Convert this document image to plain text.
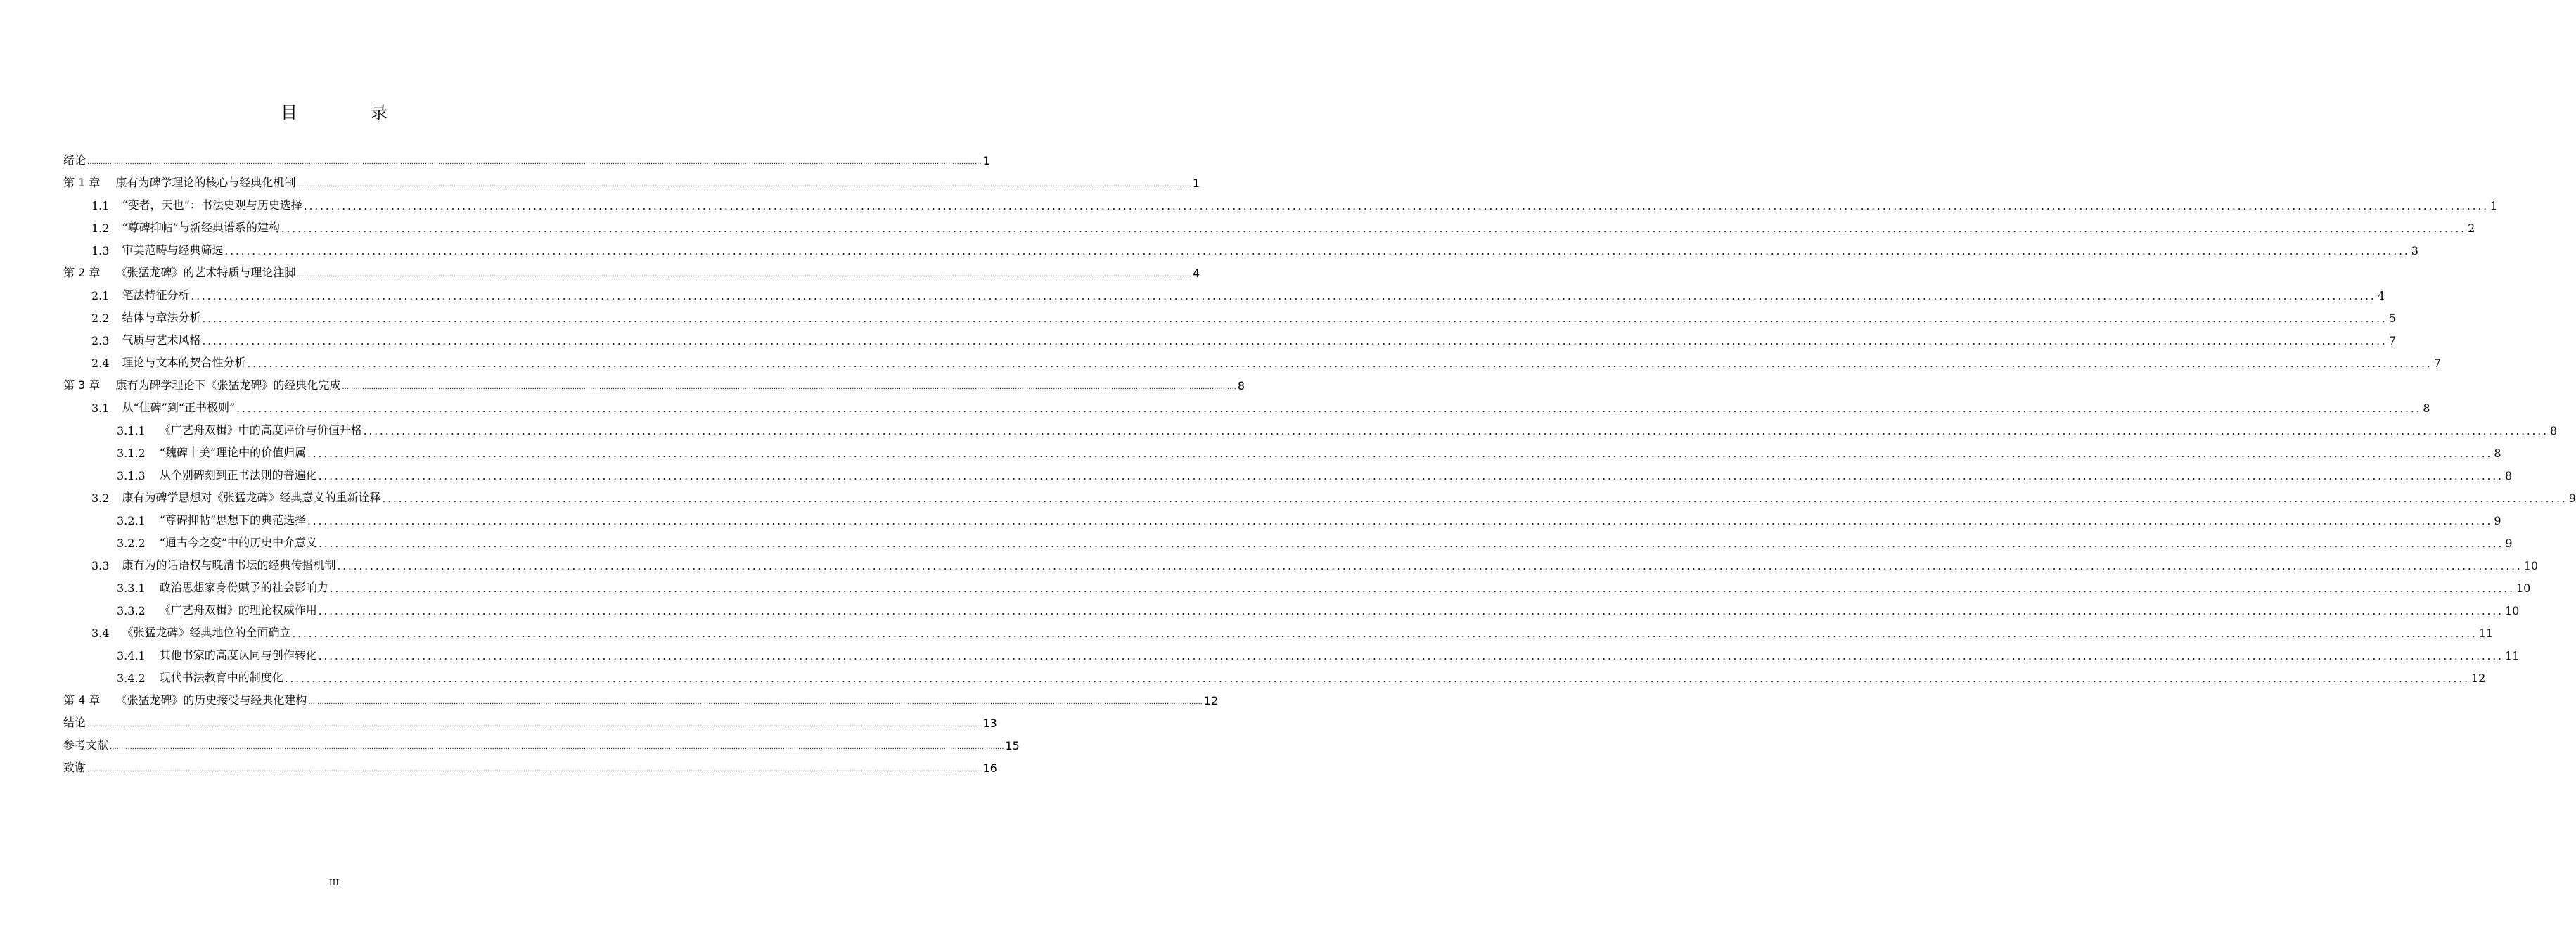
目　录
绪论 ................................................................................................................................................................................................................................................................................................................................................................................................................ 1
第 1 章 康有为碑学理论的核心与经典化机制 ................................................................................................................................................................................................................................................................................................................................................................................................................ 1
1.1 “变者，天也”：书法史观与历史选择 ................................................................................................................................................................................................................................................................................................................................................................................................................ 1
1.2 “尊碑抑帖”与新经典谱系的建构 ................................................................................................................................................................................................................................................................................................................................................................................................................ 2
1.3 审美范畴与经典筛选 ................................................................................................................................................................................................................................................................................................................................................................................................................ 3
第 2 章 《张猛龙碑》的艺术特质与理论注脚 ................................................................................................................................................................................................................................................................................................................................................................................................................ 4
2.1 笔法特征分析 ................................................................................................................................................................................................................................................................................................................................................................................................................ 4
2.2 结体与章法分析 ................................................................................................................................................................................................................................................................................................................................................................................................................ 5
2.3 气质与艺术风格 ................................................................................................................................................................................................................................................................................................................................................................................................................ 7
2.4 理论与文本的契合性分析 ................................................................................................................................................................................................................................................................................................................................................................................................................ 7
第 3 章 康有为碑学理论下《张猛龙碑》的经典化完成 ................................................................................................................................................................................................................................................................................................................................................................................................................ 8
3.1 从“佳碑”到“正书极则” ................................................................................................................................................................................................................................................................................................................................................................................................................ 8
3.1.1 《广艺舟双楫》中的高度评价与价值升格 ................................................................................................................................................................................................................................................................................................................................................................................................................ 8
3.1.2 “魏碑十美”理论中的价值归属 ................................................................................................................................................................................................................................................................................................................................................................................................................ 8
3.1.3 从个别碑刻到正书法则的普遍化 ................................................................................................................................................................................................................................................................................................................................................................................................................ 8
3.2 康有为碑学思想对《张猛龙碑》经典意义的重新诠释 ................................................................................................................................................................................................................................................................................................................................................................................................................ 9
3.2.1 “尊碑抑帖”思想下的典范选择 ................................................................................................................................................................................................................................................................................................................................................................................................................ 9
3.2.2 “通古今之变”中的历史中介意义 ................................................................................................................................................................................................................................................................................................................................................................................................................ 9
3.3 康有为的话语权与晚清书坛的经典传播机制 ................................................................................................................................................................................................................................................................................................................................................................................................................ 10
3.3.1 政治思想家身份赋予的社会影响力 ................................................................................................................................................................................................................................................................................................................................................................................................................ 10
3.3.2 《广艺舟双楫》的理论权威作用 ................................................................................................................................................................................................................................................................................................................................................................................................................ 10
3.4 《张猛龙碑》经典地位的全面确立 ................................................................................................................................................................................................................................................................................................................................................................................................................ 11
3.4.1 其他书家的高度认同与创作转化 ................................................................................................................................................................................................................................................................................................................................................................................................................ 11
3.4.2 现代书法教育中的制度化 ................................................................................................................................................................................................................................................................................................................................................................................................................ 12
第 4 章 《张猛龙碑》的历史接受与经典化建构 ................................................................................................................................................................................................................................................................................................................................................................................................................ 12
结论 ................................................................................................................................................................................................................................................................................................................................................................................................................ 13
参考文献 ................................................................................................................................................................................................................................................................................................................................................................................................................ 15
致谢 ................................................................................................................................................................................................................................................................................................................................................................................................................ 16
III
